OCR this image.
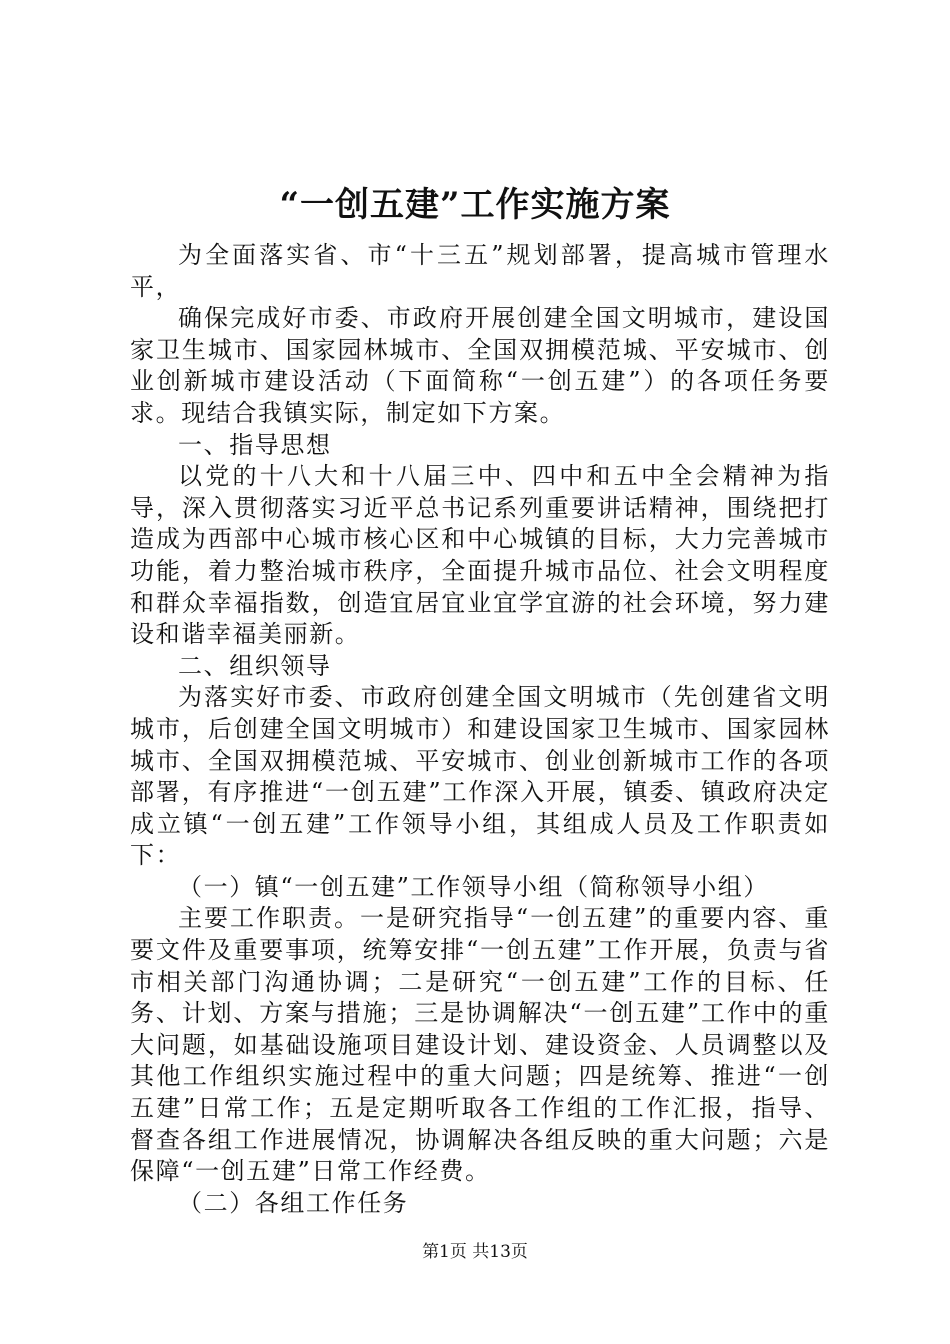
“一创五建”工作实施方案

为全面落实省、市“十三五”规划部署，提高城市管理水平，

确保完成好市委、市政府开展创建全国文明城市，建设国家卫生城市、国家园林城市、全国双拥模范城、平安城市、创业创新城市建设活动（下面简称“一创五建”）的各项任务要求。现结合我镇实际，制定如下方案。

一、指导思想

以党的十八大和十八届三中、四中和五中全会精神为指导，深入贯彻落实习近平总书记系列重要讲话精神，围绕把打造成为西部中心城市核心区和中心城镇的目标，大力完善城市功能，着力整治城市秩序，全面提升城市品位、社会文明程度和群众幸福指数，创造宜居宜业宜学宜游的社会环境，努力建设和谐幸福美丽新。

二、组织领导

为落实好市委、市政府创建全国文明城市（先创建省文明城市，后创建全国文明城市）和建设国家卫生城市、国家园林城市、全国双拥模范城、平安城市、创业创新城市工作的各项部署，有序推进“一创五建”工作深入开展，镇委、镇政府决定成立镇“一创五建”工作领导小组，其组成人员及工作职责如下：

（一）镇“一创五建”工作领导小组（简称领导小组）

主要工作职责。一是研究指导“一创五建”的重要内容、重要文件及重要事项，统筹安排“一创五建”工作开展，负责与省市相关部门沟通协调；二是研究“一创五建”工作的目标、任务、计划、方案与措施；三是协调解决“一创五建”工作中的重大问题，如基础设施项目建设计划、建设资金、人员调整以及其他工作组织实施过程中的重大问题；四是统筹、推进“一创五建”日常工作；五是定期听取各工作组的工作汇报，指导、督查各组工作进展情况，协调解决各组反映的重大问题；六是保障“一创五建”日常工作经费。

（二）各组工作任务

第1页 共13页
